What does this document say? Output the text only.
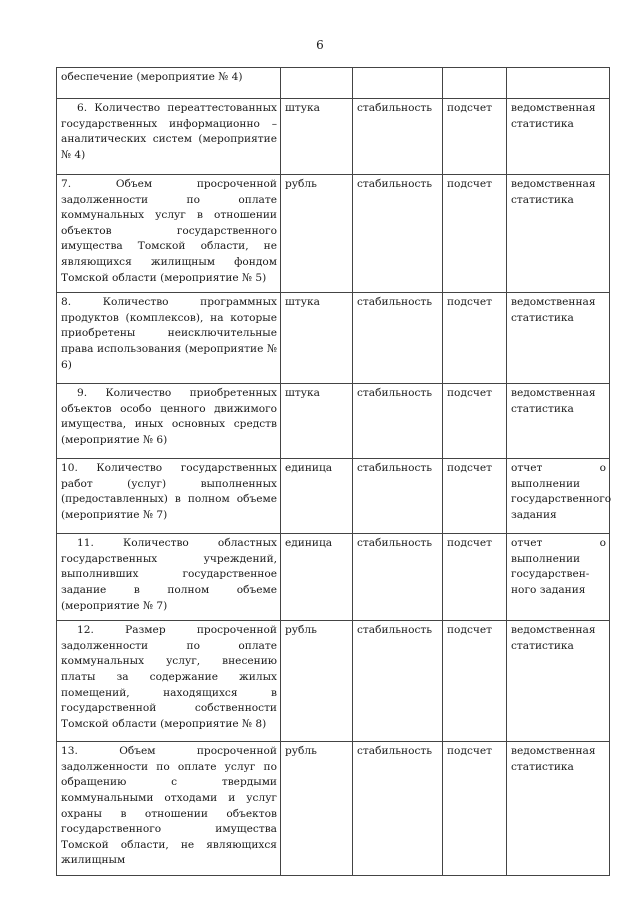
6
обеспечение (мероприятие № 4)				
6. Количество переаттестованных государственных информационно – аналитических систем (мероприятие № 4)	штука	стабильность	подсчет	ведомственная статистика
7. Объем просроченной задолженности по оплате коммунальных услуг в отношении объектов государственного имущества Томской области, не являющихся жилищным фондом Томской области (мероприятие № 5)	рубль	стабильность	подсчет	ведомственная статистика
8. Количество программных продуктов (комплексов), на которые приобретены неисключительные права использования (мероприятие № 6)	штука	стабильность	подсчет	ведомственная статистика
9. Количество приобретенных объектов особо ценного движимого имущества, иных основных средств (мероприятие № 6)	штука	стабильность	подсчет	ведомственная статистика
10. Количество государственных работ (услуг) выполненных (предоставленных) в полном объеме (мероприятие № 7)	единица	стабильность	подсчет	отчет о выполнении государственного задания
11. Количество областных государственных учреждений, выполнивших государственное задание в полном объеме (мероприятие № 7)	единица	стабильность	подсчет	отчет о выполнении государствен-ного задания
12. Размер просроченной задолженности по оплате коммунальных услуг, внесению платы за содержание жилых помещений, находящихся в государственной собственности Томской области (мероприятие № 8)	рубль	стабильность	подсчет	ведомственная статистика
13. Объем просроченной задолженности по оплате услуг по обращению с твердыми коммунальными отходами и услуг охраны в отношении объектов государственного имущества Томской области, не являющихся жилищным	рубль	стабильность	подсчет	ведомственная статистика
